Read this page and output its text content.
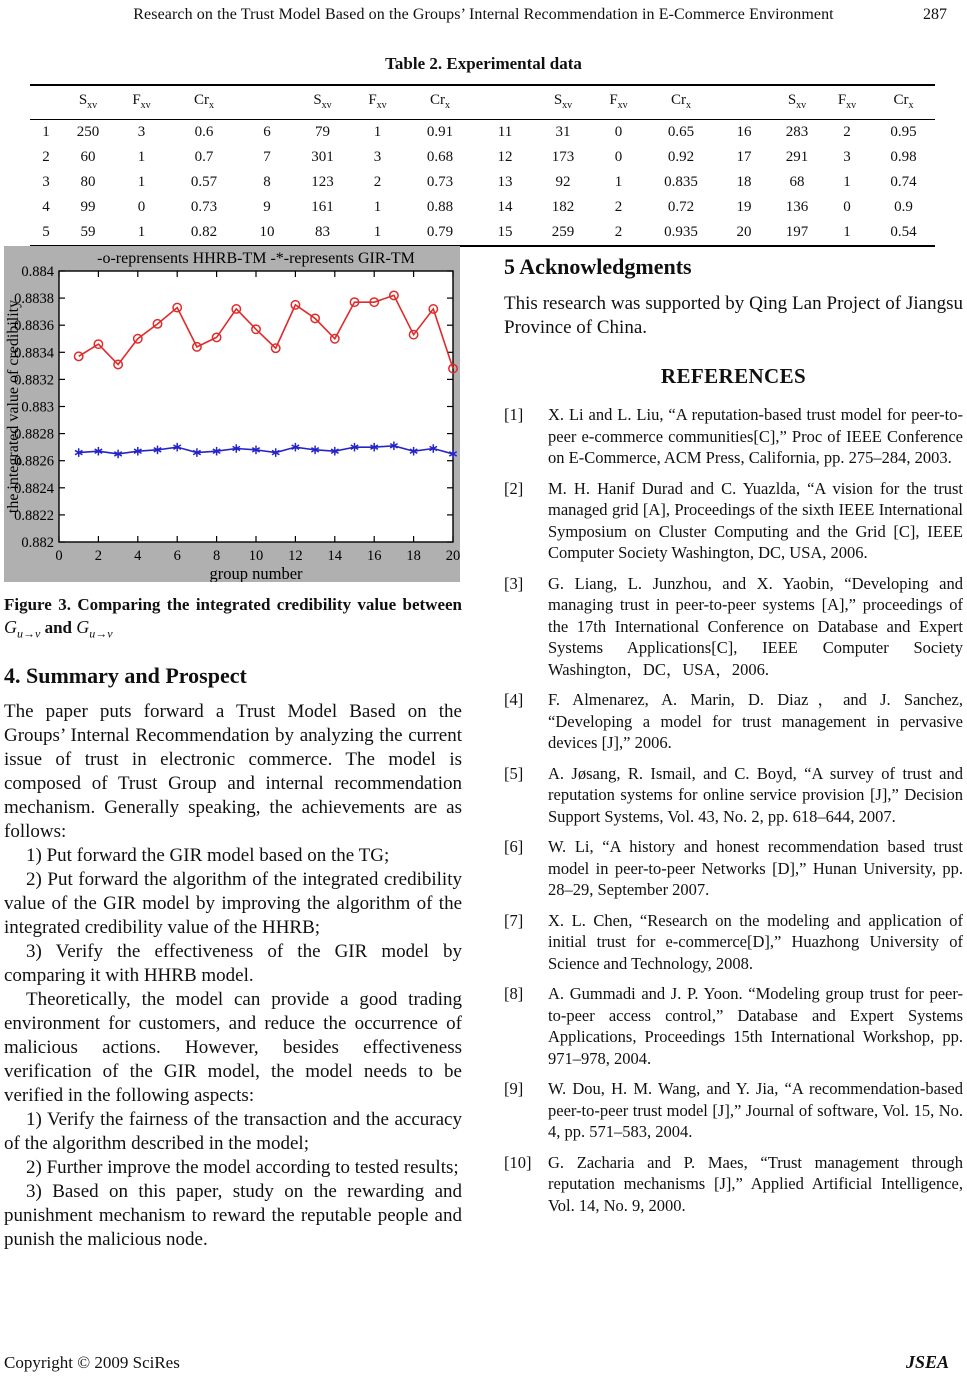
Research on the Trust Model Based on the Groups’ Internal Recommendation in E-Commerce Environment	287

Table 2. Experimental data

	$S_{xv}$	$F_{xv}$	$Cr_x$		$S_{xv}$	$F_{xv}$	$Cr_x$		$S_{xv}$	$F_{xv}$	$Cr_x$		$S_{xv}$	$F_{xv}$	$Cr_x$
1	250	3	0.6	6	79	1	0.91	11	31	0	0.65	16	283	2	0.95
2	60	1	0.7	7	301	3	0.68	12	173	0	0.92	17	291	3	0.98
3	80	1	0.57	8	123	2	0.73	13	92	1	0.835	18	68	1	0.74
4	99	0	0.73	9	161	1	0.88	14	182	2	0.72	19	136	0	0.9
5	59	1	0.82	10	83	1	0.79	15	259	2	0.935	20	197	1	0.54
0 2 4 6 8 10 12 14 16 18 20
0.882
0.8822
0.8824
0.8826
0.8828
0.883
0.8832
0.8834
0.8836
0.8838
0.884
-o-reprensents HHRB-TM -*-represents GIR-TM
group number
the integrated value of credibility

Figure 3. Comparing the integrated credibility value between $G_{u\to v}$ and $G_{u\to v}$

4. Summary and Prospect

The paper puts forward a Trust Model Based on the Groups’ Internal Recommendation by analyzing the current issue of trust in electronic commerce. The model is composed of Trust Group and internal recommendation mechanism. Generally speaking, the achievements are as follows:

1) Put forward the GIR model based on the TG;

2) Put forward the algorithm of the integrated credibility value of the GIR model by improving the algorithm of the integrated credibility value of the HHRB;

3) Verify the effectiveness of the GIR model by comparing it with HHRB model.

Theoretically, the model can provide a good trading environment for customers, and reduce the occurrence of malicious actions. However, besides effectiveness verification of the GIR model, the model needs to be verified in the following aspects:

1) Verify the fairness of the transaction and the accuracy of the algorithm described in the model;

2) Further improve the model according to tested results;

3) Based on this paper, study on the rewarding and punishment mechanism to reward the reputable people and punish the malicious node.

5 Acknowledgments

This research was supported by Qing Lan Project of Jiangsu Province of China.

REFERENCES
[1]	X. Li and L. Liu, “A reputation-based trust model for peer-to-peer e-commerce communities[C],” Proc of IEEE Conference on E-Commerce, ACM Press, California, pp. 275–284, 2003.
[2]	M. H. Hanif Durad and C. Yuazlda, “A vision for the trust managed grid [A], Proceedings of the sixth IEEE International Symposium on Cluster Computing and the Grid [C], IEEE Computer Society Washington, DC, USA, 2006.
[3]	G. Liang, L. Junzhou, and X. Yaobin, “Developing and managing trust in peer-to-peer systems [A],” proceedings of the 17th International Conference on Database and Expert Systems Applications[C], IEEE Computer Society Washington，DC，USA，2006.
[4]	F. Almenarez, A. Marin, D. Diaz，and J. Sanchez, “Developing a model for trust management in pervasive devices [J],” 2006.
[5]	A. Jøsang, R. Ismail, and C. Boyd, “A survey of trust and reputation systems for online service provision [J],” Decision Support Systems, Vol. 43, No. 2, pp. 618–644, 2007.
[6]	W. Li, “A history and honest recommendation based trust model in peer-to-peer Networks [D],” Hunan University, pp. 28–29, September 2007.
[7]	X. L. Chen, “Research on the modeling and application of initial trust for e-commerce[D],” Huazhong University of Science and Technology, 2008.
[8]	A. Gummadi and J. P. Yoon. “Modeling group trust for peer-to-peer access control,” Database and Expert Systems Applications, Proceedings 15th International Workshop, pp. 971–978, 2004.
[9]	W. Dou, H. M. Wang, and Y. Jia, “A recommendation-based peer-to-peer trust model [J],” Journal of software, Vol. 15, No. 4, pp. 571–583, 2004.
[10]	G. Zacharia and P. Maes, “Trust management through reputation mechanisms [J],” Applied Artificial Intelligence, Vol. 14, No. 9, 2000.
Copyright © 2009 SciRes	JSEA
